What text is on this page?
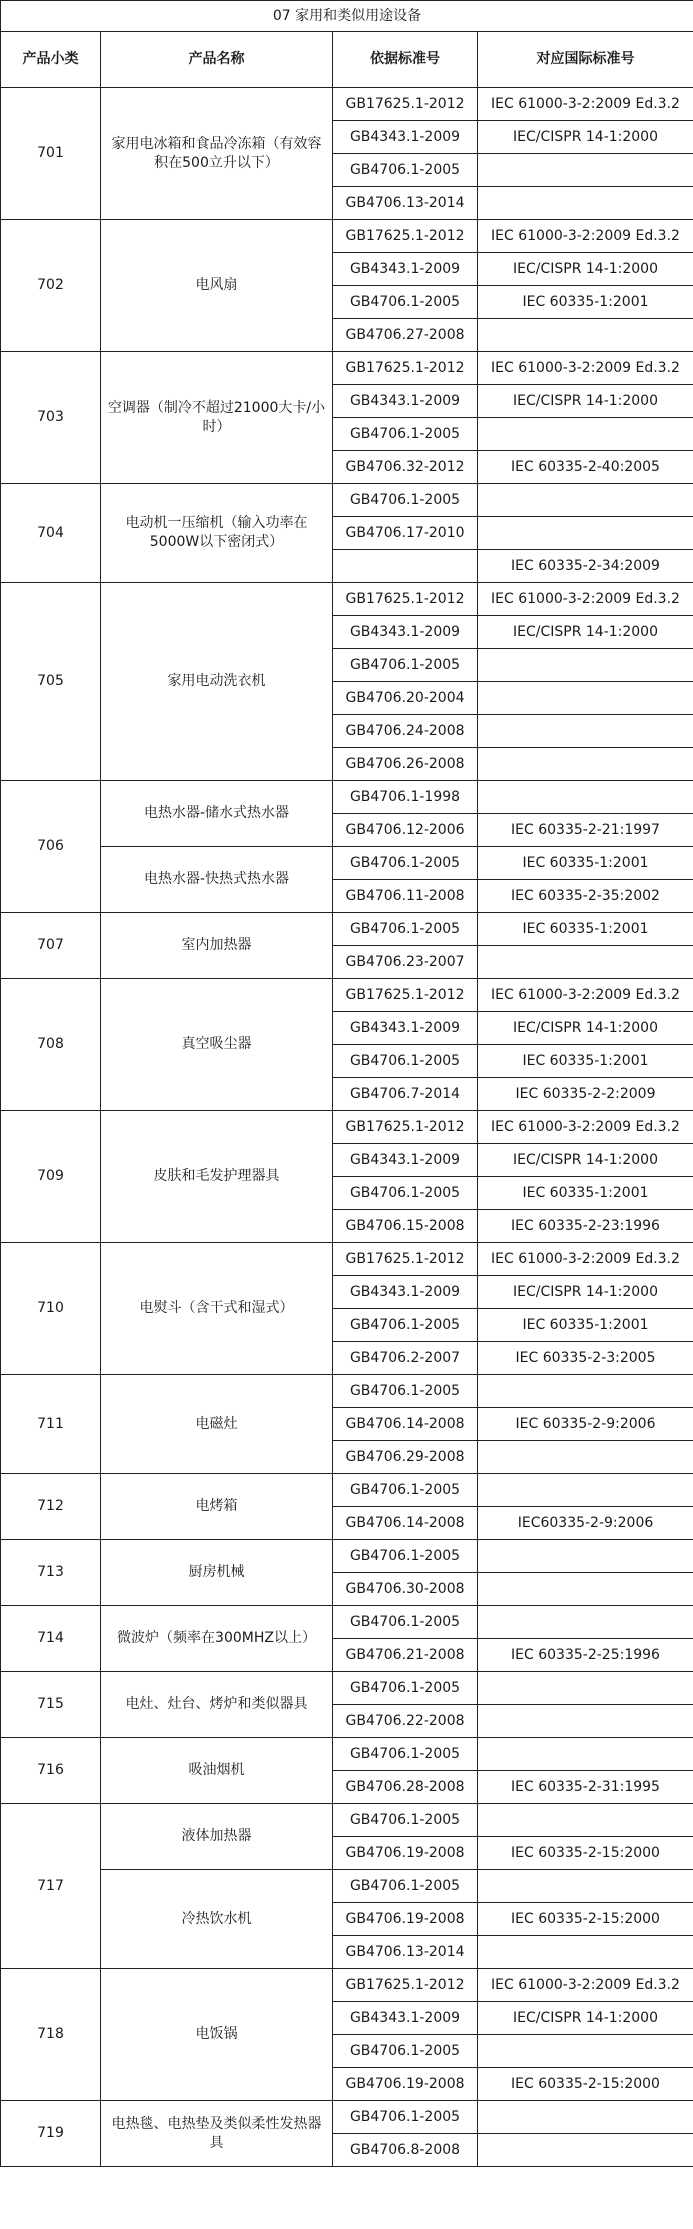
07 家用和类似用途设备			
产品小类	产品名称	依据标准号	对应国际标准号
701	家用电冰箱和食品冷冻箱（有效容积在500立升以下）	GB17625.1-2012	IEC 61000-3-2:2009 Ed.3.2
		GB4343.1-2009	IEC/CISPR 14-1:2000
		GB4706.1-2005	
		GB4706.13-2014	
702	电风扇	GB17625.1-2012	IEC 61000-3-2:2009 Ed.3.2
		GB4343.1-2009	IEC/CISPR 14-1:2000
		GB4706.1-2005	IEC 60335-1:2001
		GB4706.27-2008	
703	空调器（制冷不超过21000大卡/小时）	GB17625.1-2012	IEC 61000-3-2:2009 Ed.3.2
		GB4343.1-2009	IEC/CISPR 14-1:2000
		GB4706.1-2005	
		GB4706.32-2012	IEC 60335-2-40:2005
704	电动机一压缩机（输入功率在5000W以下密闭式）	GB4706.1-2005	
		GB4706.17-2010	
			IEC 60335-2-34:2009
705	家用电动洗衣机	GB17625.1-2012	IEC 61000-3-2:2009 Ed.3.2
		GB4343.1-2009	IEC/CISPR 14-1:2000
		GB4706.1-2005	
		GB4706.20-2004	
		GB4706.24-2008	
		GB4706.26-2008	
706	电热水器-储水式热水器	GB4706.1-1998	
		GB4706.12-2006	IEC 60335-2-21:1997
	电热水器-快热式热水器	GB4706.1-2005	IEC 60335-1:2001
		GB4706.11-2008	IEC 60335-2-35:2002
707	室内加热器	GB4706.1-2005	IEC 60335-1:2001
		GB4706.23-2007	
708	真空吸尘器	GB17625.1-2012	IEC 61000-3-2:2009 Ed.3.2
		GB4343.1-2009	IEC/CISPR 14-1:2000
		GB4706.1-2005	IEC 60335-1:2001
		GB4706.7-2014	IEC 60335-2-2:2009
709	皮肤和毛发护理器具	GB17625.1-2012	IEC 61000-3-2:2009 Ed.3.2
		GB4343.1-2009	IEC/CISPR 14-1:2000
		GB4706.1-2005	IEC 60335-1:2001
		GB4706.15-2008	IEC 60335-2-23:1996
710	电熨斗（含干式和湿式）	GB17625.1-2012	IEC 61000-3-2:2009 Ed.3.2
		GB4343.1-2009	IEC/CISPR 14-1:2000
		GB4706.1-2005	IEC 60335-1:2001
		GB4706.2-2007	IEC 60335-2-3:2005
711	电磁灶	GB4706.1-2005	
		GB4706.14-2008	IEC 60335-2-9:2006
		GB4706.29-2008	
712	电烤箱	GB4706.1-2005	
		GB4706.14-2008	IEC60335-2-9:2006
713	厨房机械	GB4706.1-2005	
		GB4706.30-2008	
714	微波炉（频率在300MHZ以上）	GB4706.1-2005	
		GB4706.21-2008	IEC 60335-2-25:1996
715	电灶、灶台、烤炉和类似器具	GB4706.1-2005	
		GB4706.22-2008	
716	吸油烟机	GB4706.1-2005	
		GB4706.28-2008	IEC 60335-2-31:1995
717	液体加热器	GB4706.1-2005	
		GB4706.19-2008	IEC 60335-2-15:2000
	冷热饮水机	GB4706.1-2005	
		GB4706.19-2008	IEC 60335-2-15:2000
		GB4706.13-2014	
718	电饭锅	GB17625.1-2012	IEC 61000-3-2:2009 Ed.3.2
		GB4343.1-2009	IEC/CISPR 14-1:2000
		GB4706.1-2005	
		GB4706.19-2008	IEC 60335-2-15:2000
719	电热毯、电热垫及类似柔性发热器具	GB4706.1-2005	
		GB4706.8-2008	
